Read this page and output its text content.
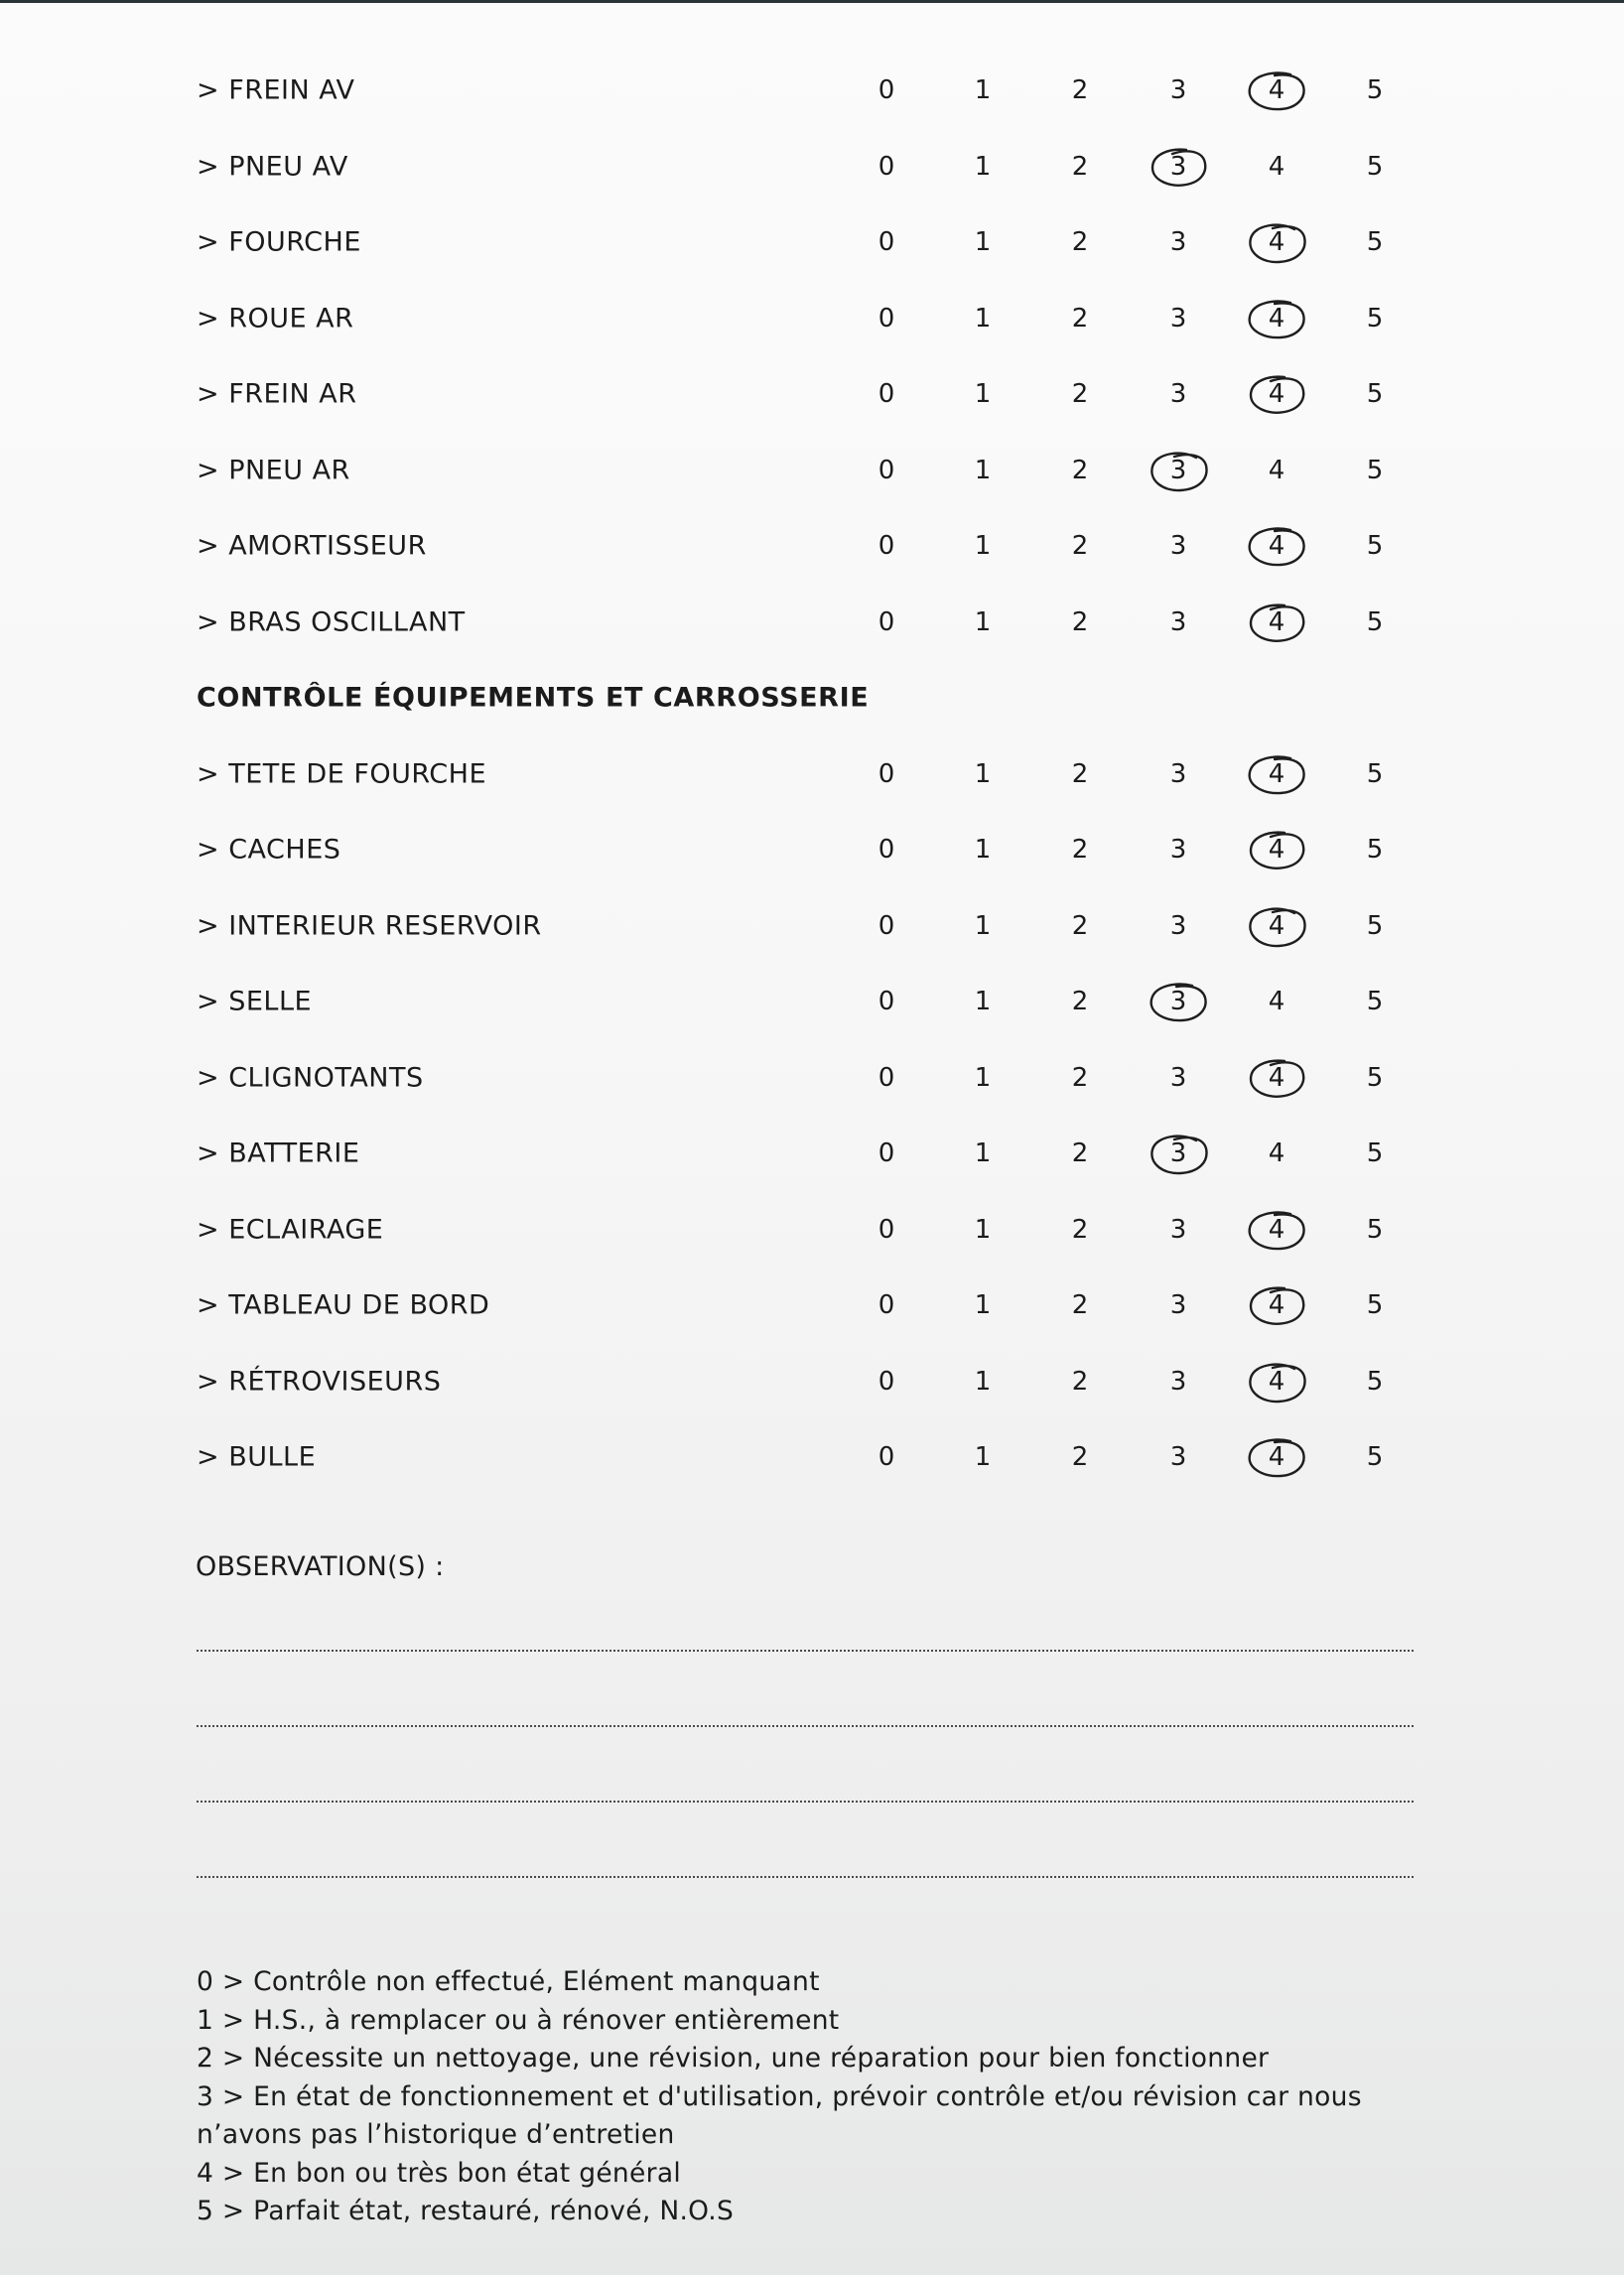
> FREIN AV	0	1	2	3	4	5
> PNEU AV	0	1	2	3	4	5
> FOURCHE	0	1	2	3	4	5
> ROUE AR	0	1	2	3	4	5
> FREIN AR	0	1	2	3	4	5
> PNEU AR	0	1	2	3	4	5
> AMORTISSEUR	0	1	2	3	4	5
> BRAS OSCILLANT	0	1	2	3	4	5
CONTRÔLE ÉQUIPEMENTS ET CARROSSERIE
> TETE DE FOURCHE	0	1	2	3	4	5
> CACHES	0	1	2	3	4	5
> INTERIEUR RESERVOIR	0	1	2	3	4	5
> SELLE	0	1	2	3	4	5
> CLIGNOTANTS	0	1	2	3	4	5
> BATTERIE	0	1	2	3	4	5
> ECLAIRAGE	0	1	2	3	4	5
> TABLEAU DE BORD	0	1	2	3	4	5
> RÉTROVISEURS	0	1	2	3	4	5
> BULLE	0	1	2	3	4	5
OBSERVATION(S) :
0 > Contrôle non effectué, Elément manquant
1 > H.S., à remplacer ou à rénover entièrement
2 > Nécessite un nettoyage, une révision, une réparation pour bien fonctionner
3 > En état de fonctionnement et d'utilisation, prévoir contrôle et/ou révision car nous n’avons pas l’historique d’entretien
4 > En bon ou très bon état général
5 > Parfait état, restauré, rénové, N.O.S
